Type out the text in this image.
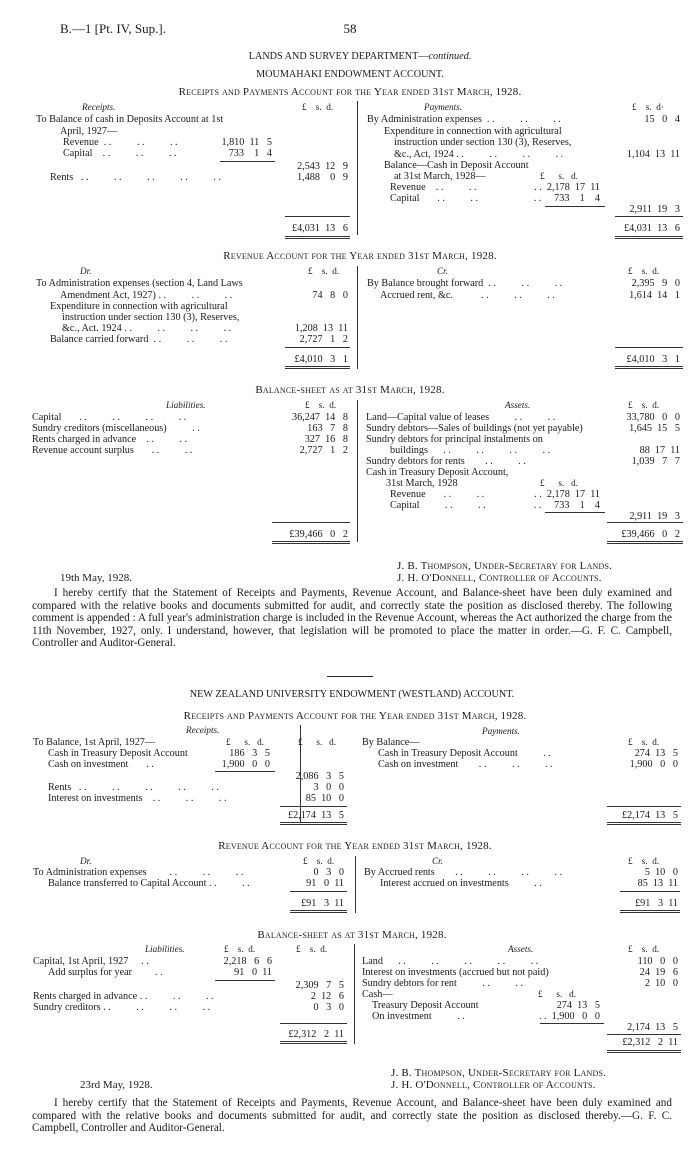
B.—1 [Pt. IV, Sup.].	58
LANDS AND SURVEY DEPARTMENT—continued.
MOUMAHAKI ENDOWMENT ACCOUNT.
Receipts and Payments Account for the Year ended 31st March, 1928.
Receipts.	£    s.  d.	Payments.	£    s.  d·
To Balance of cash in Deposits Account at 1st
April, 1927—
Revenue  . .          . .          . .	1,810  11   5
Capital    . .          . .          . .	733    1   4
2,543  12   9
Rents   . .          . .          . .          . .          . .	1,488    0   9
£4,031  13   6
By Administration expenses  . .          . .          . .	15   0   4
Expenditure in connection with agricultural
instruction under section 130 (3), Reserves,
&c., Act, 1924 . .          . .          . .          . .	1,104  13  11
Balance—Cash in Deposit Account
at 31st March, 1928—	£      s.   d.
Revenue    . .          . .	. .  2,178  17  11
Capital       . .          . .	. .     733    1    4
2,911  19   3
£4,031  13   6
Revenue Account for the Year ended 31st March, 1928.
Dr.	£    s.  d.	Cr.	£    s.  d.
To Administration expenses (section 4, Land Laws
Amendment Act, 1927) . .          . .          . .	74   8   0
Expenditure in connection with agricultural
instruction under section 130 (3), Reserves,
&c., Act. 1924 . .          . .          . .          . .	1,208  13  11
Balance carried forward  . .          . .          . .	2,727   1   2
£4,010   3   1
By Balance brought forward  . .          . .          . .	2,395   9   0
Accrued rent, &c.           . .          . .          . .	1,614  14   1
£4,010   3   1
Balance-sheet as at 31st March, 1928.
Liabilities.	£    s.  d.	Assets.	£    s.  d.
Capital       . .          . .          . .          . .	36,247  14   8
Sundry creditors (miscellaneous)          . .	163   7   8
Rents charged in advance    . .          . .	327  16   8
Revenue account surplus       . .          . .	2,727   1   2
£39,466   0   2
Land—Capital value of leases          . .          . .	33,780   0   0
Sundry debtors—Sales of buildings (not yet payable)	1,645  15   5
Sundry debtors for principal instalments on
buildings      . .          . .          . .          . .	88  17  11
Sundry debtors for rents        . .          . .	1,039   7   7
Cash in Treasury Deposit Account,
31st March, 1928	£      s.   d.
Revenue       . .          . .	. .  2,178  17  11
Capital          . .          . .	. .     733    1    4
2,911  19   3
£39,466   0   2
J. B. Thompson, Under-Secretary for Lands.
19th May, 1928.	J. H. O'Donnell, Controller of Accounts.
I hereby certify that the Statement of Receipts and Payments, Revenue Account, and Balance-sheet have been duly examined and compared with the relative books and documents submitted for audit, and correctly state the position as disclosed thereby. The following comment is appended : A full year's administration charge is included in the Revenue Account, whereas the Act authorized the charge from the 11th November, 1927, only. I understand, however, that legislation will be promoted to place the matter in order.—G. F. C. Campbell, Controller and Auditor-General.
NEW ZEALAND UNIVERSITY ENDOWMENT (WESTLAND) ACCOUNT.
Receipts and Payments Account for the Year ended 31st March, 1928.
Receipts.	Payments.
To Balance, 1st April, 1927—	£      s.   d.	£      s.   d.
Cash in Treasury Deposit Account	186   3   5
Cash on investment       . .	1,900   0   0
2,086   3   5
Rents   . .          . .          . .          . .          . .	3   0   0
Interest on investments    . .          . .          . .	85  10   0
£2,174  13   5
By Balance—	£    s.  d.
Cash in Treasury Deposit Account          . .	274  13   5
Cash on investment        . .          . .          . .	1,900   0   0
£2,174  13   5
Revenue Account for the Year ended 31st March, 1928.
Dr.	£    s.  d.	Cr.	£    s.  d.
To Administration expenses         . .          . .          . .	0   3   0
Balance transferred to Capital Account . .          . .	91   0  11
£91   3  11
By Accrued rents        . .          . .          . .          . .	5  10   0
Interest accrued on investments          . .	85  13  11
£91   3  11
Balance-sheet as at 31st March, 1928.
Liabilities.	£    s.  d.	£    s.  d.	Assets.	£    s.  d.
Capital, 1st April, 1927     . .	2,218   6   6
Add surplus for year         . .	91   0  11
2,309   7   5
Rents charged in advance . .          . .          . .	2  12   6
Sundry creditors . .          . .          . .          . .	0   3   0
£2,312   2  11
Land      . .          . .          . .          . .          . .	110   0   0
Interest on investments (accrued but not paid)	24  19   6
Sundry debtors for rent          . .          . .	2  10   0
Cash—	£      s.   d.
Treasury Deposit Account	274  13   5
On investment          . .	. .  1,900   0   0
2,174  13   5
£2,312   2  11
J. B. Thompson, Under-Secretary for Lands.
23rd May, 1928.	J. H. O'Donnell, Controller of Accounts.
I hereby certify that the Statement of Receipts and Payments, Revenue Account, and Balance-sheet have been duly examined and compared with the relative books and documents submitted for audit, and correctly state the position as disclosed thereby.—G. F. C. Campbell, Controller and Auditor-General.
